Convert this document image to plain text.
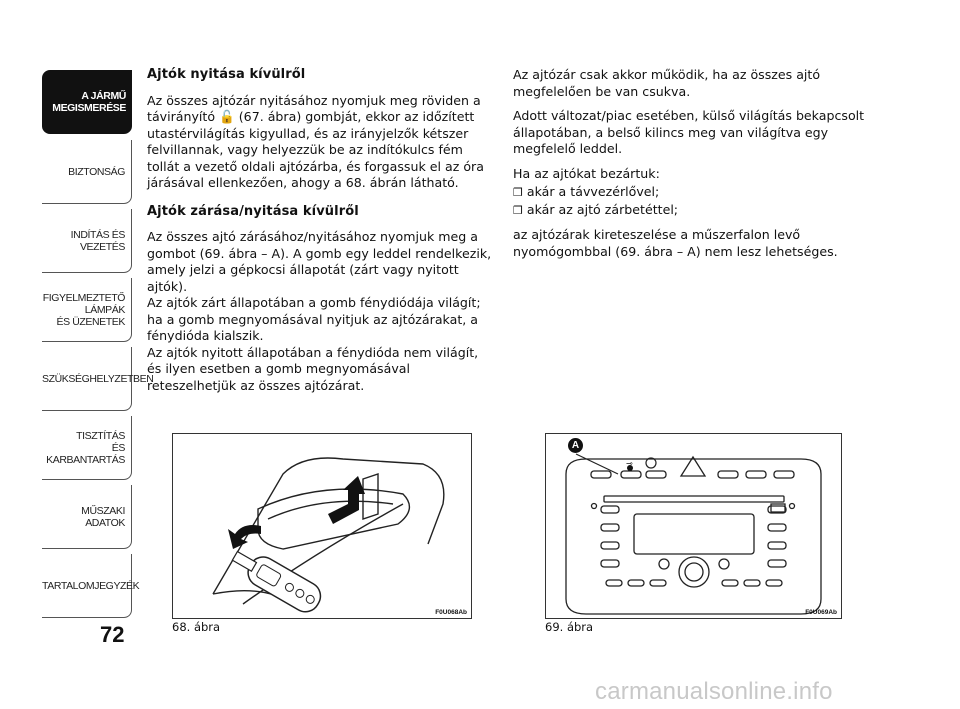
A JÁRMŰ
MEGISMERÉSE
BIZTONSÁG
INDÍTÁS ÉS VEZETÉS
FIGYELMEZTETŐ
LÁMPÁK
ÉS ÜZENETEK
SZÜKSÉGHELYZETBEN
TISZTÍTÁS
ÉS KARBANTARTÁS
MŰSZAKI ADATOK
TARTALOMJEGYZÉK
72
Ajtók nyitása kívülről

Az összes ajtózár nyitásához nyomjuk meg röviden a távirányító 🔓 (67. ábra) gombját, ekkor az időzített utastérvilágítás kigyullad, és az irányjelzők kétszer felvillannak, vagy helyezzük be az indítókulcs fém tollát a vezető oldali ajtózárba, és forgassuk el az óra járásával ellenkezően, ahogy a 68. ábrán látható.

Ajtók zárása/nyitása kívülről

Az összes ajtó zárásához/nyitásához nyomjuk meg a gombot (69. ábra – A). A gomb egy leddel rendelkezik, amely jelzi a gépkocsi állapotát (zárt vagy nyitott ajtók).

Az ajtók zárt állapotában a gomb fénydiódája világít; ha a gomb megnyomásával nyitjuk az ajtózárakat, a fénydióda kialszik.

Az ajtók nyitott állapotában a fénydióda nem világít, és ilyen esetben a gomb megnyomásával reteszelhetjük az összes ajtózárat.

Az ajtózár csak akkor működik, ha az összes ajtó megfelelően be van csukva.

Adott változat/piac esetében, külső világítás bekapcsolt állapotában, a belső kilincs meg van világítva egy megfelelő leddel.

Ha az ajtókat bezártuk:

❒ akár a távvezérlővel;

❒ akár az ajtó zárbetéttel;

az ajtózárak kireteszelése a műszerfalon levő nyomógombbal (69. ábra – A) nem lesz lehetséges.

F0U068Ab
68. ábra
⊸
A
F0U069Ab
69. ábra
carmanualsonline.info
